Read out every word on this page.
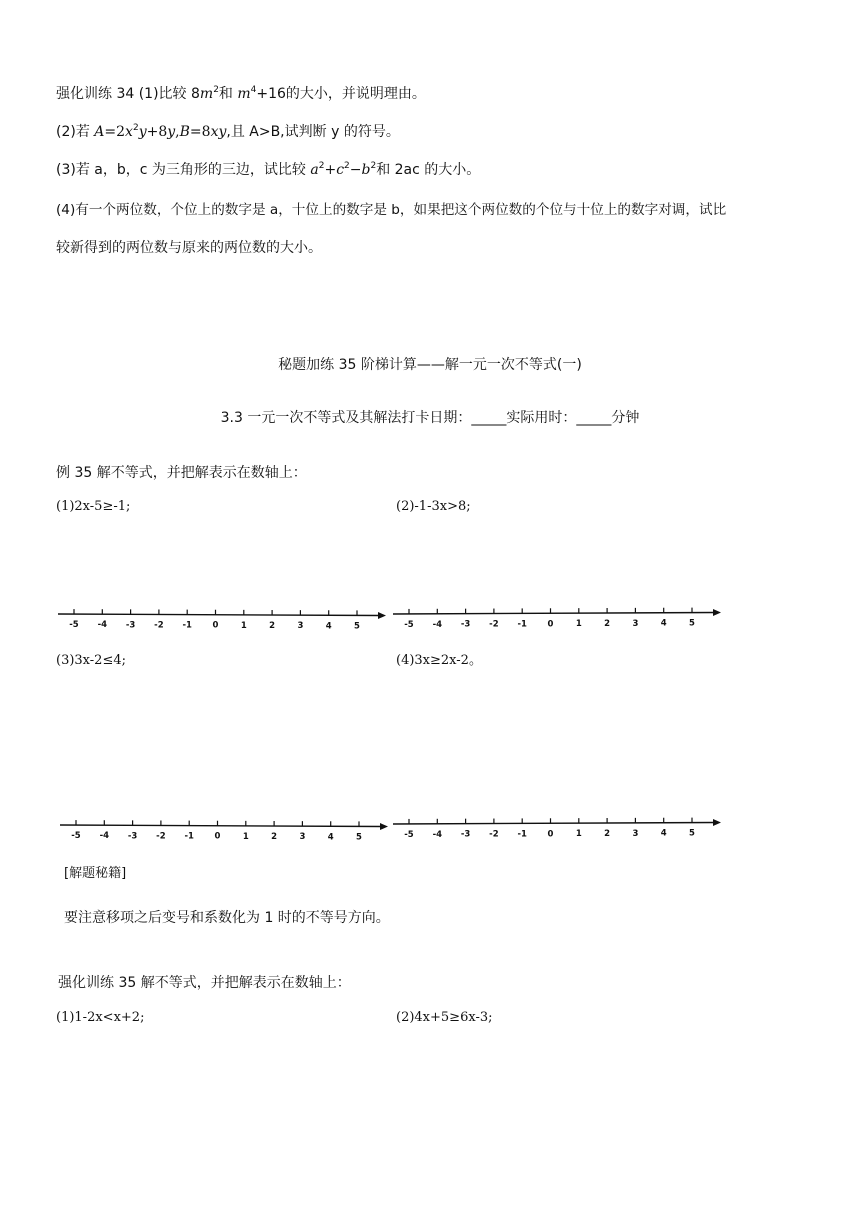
强化训练 34 (1)比较 $8m^2$和 $m^4+16$的大小，并说明理由。
(2)若 $A=2x^2y+8y,B=8xy$,且 A>B,试判断 y 的符号。
(3)若 a，b，c 为三角形的三边，试比较 $a^2+c^2-b^2$和 2ac 的大小。
(4)有一个两位数，个位上的数字是 a，十位上的数字是 b，如果把这个两位数的个位与十位上的数字对调，试比
较新得到的两位数与原来的两位数的大小。
秘题加练 35 阶梯计算——解一元一次不等式(一)
3.3 一元一次不等式及其解法打卡日期：_____实际用时：_____分钟
例 35 解不等式，并把解表示在数轴上：
(1)2x-5≥-1;	(2)-1-3x>8;
-5 -4 -3 -2 -1 0	1	2	3	4	5	-5 -4 -3 -2 -1 0	1	2	3	4	5
(3)3x-2≤4;	(4)3x≥2x-2。
-5 -4 -3 -2 -1 0	1	2	3	4	5	-5 -4 -3 -2 -1 0	1	2	3	4	5
[解题秘籍]
要注意移项之后变号和系数化为 1 时的不等号方向。
强化训练 35 解不等式，并把解表示在数轴上：
(1)1-2x<x+2;	(2)4x+5≥6x-3;
